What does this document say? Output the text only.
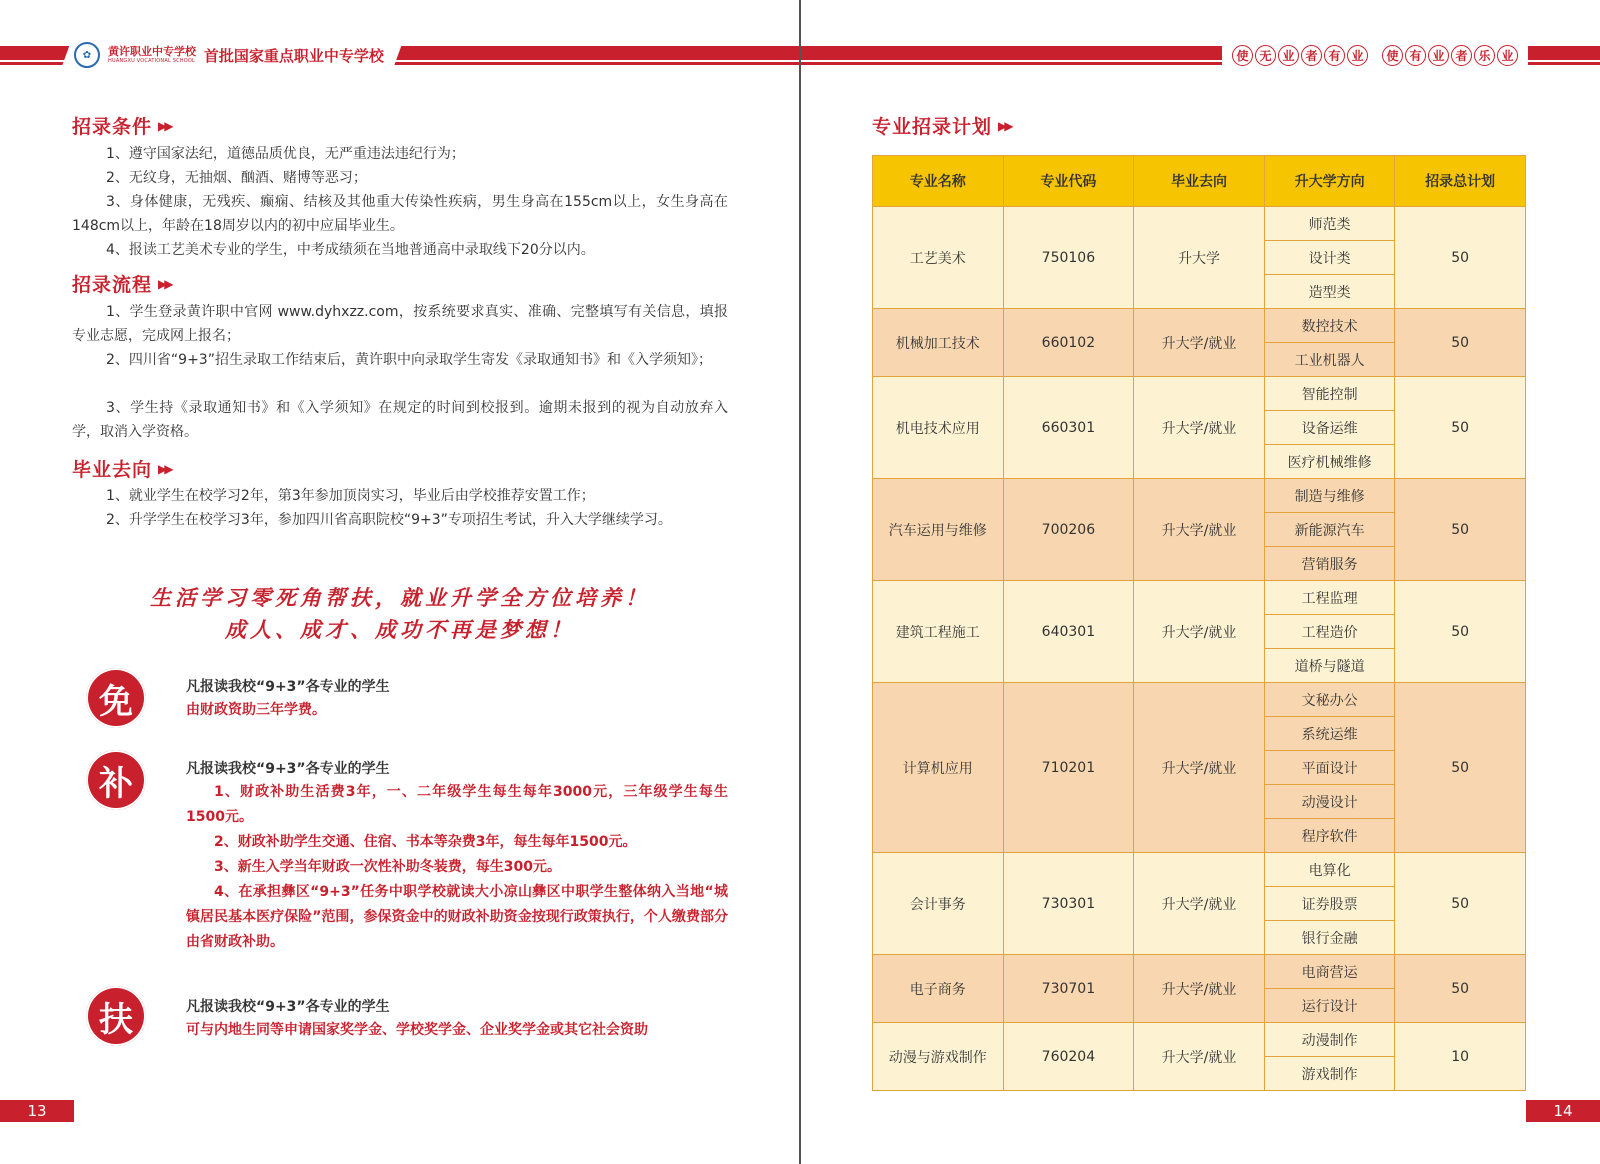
✿	黄许职业中专学校
HUANGXU VOCATIONAL SCHOOL 首批国家重点职业中专学校
招录条件 ▶▶

1、遵守国家法纪，道德品质优良，无严重违法违纪行为；

2、无纹身，无抽烟、酗酒、赌博等恶习；

3、身体健康，无残疾、癫痫、结核及其他重大传染性疾病，男生身高在155cm以上，女生身高在148cm以上，年龄在18周岁以内的初中应届毕业生。

4、报读工艺美术专业的学生，中考成绩须在当地普通高中录取线下20分以内。

招录流程 ▶▶

1、学生登录黄许职中官网 www.dyhxzz.com，按系统要求真实、准确、完整填写有关信息，填报专业志愿，完成网上报名；

2、四川省“9+3”招生录取工作结束后，黄许职中向录取学生寄发《录取通知书》和《入学须知》；

3、学生持《录取通知书》和《入学须知》在规定的时间到校报到。逾期未报到的视为自动放弃入学，取消入学资格。

毕业去向 ▶▶

1、就业学生在校学习2年，第3年参加顶岗实习，毕业后由学校推荐安置工作；

2、升学学生在校学习3年，参加四川省高职院校“9+3”专项招生考试，升入大学继续学习。

生活学习零死角帮扶，就业升学全方位培养！
成人、成才、成功不再是梦想！
免	凡报读我校“9+3”各专业的学生

由财政资助三年学费。

补	凡报读我校“9+3”各专业的学生

1、财政补助生活费3年，一、二年级学生每生每年3000元，三年级学生每生1500元。

2、财政补助学生交通、住宿、书本等杂费3年，每生每年1500元。

3、新生入学当年财政一次性补助冬装费，每生300元。

4、在承担彝区“9+3”任务中职学校就读大小凉山彝区中职学生整体纳入当地“城镇居民基本医疗保险”范围，参保资金中的财政补助资金按现行政策执行，个人缴费部分由省财政补助。

扶	凡报读我校“9+3”各专业的学生

可与内地生同等申请国家奖学金、学校奖学金、企业奖学金或其它社会资助

13	14
使 无 业 者 有 业	使 有 业 者 乐 业
专业招录计划 ▶▶
专业名称	专业代码	毕业去向	升大学方向	招录总计划
工艺美术	750106	升大学	师范类	50
			设计类	
			造型类	
机械加工技术	660102	升大学/就业	数控技术	50
			工业机器人	
机电技术应用	660301	升大学/就业	智能控制	50
			设备运维	
			医疗机械维修	
汽车运用与维修	700206	升大学/就业	制造与维修	50
			新能源汽车	
			营销服务	
建筑工程施工	640301	升大学/就业	工程监理	50
			工程造价	
			道桥与隧道	
计算机应用	710201	升大学/就业	文秘办公	50
			系统运维	
			平面设计	
			动漫设计	
			程序软件	
会计事务	730301	升大学/就业	电算化	50
			证券股票	
			银行金融	
电子商务	730701	升大学/就业	电商营运	50
			运行设计	
动漫与游戏制作	760204	升大学/就业	动漫制作	10
			游戏制作	
